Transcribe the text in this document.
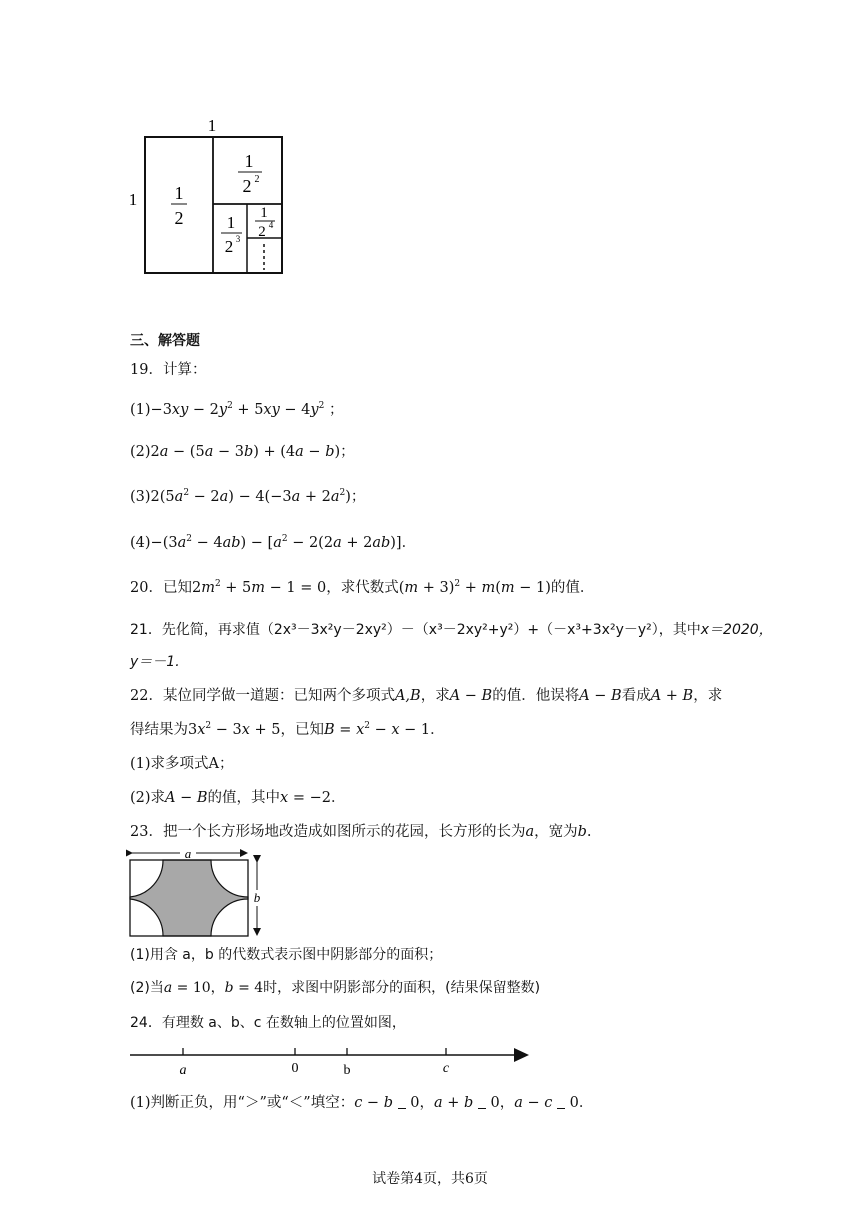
1
1 1
2
1
2 2
1
2 3
1
2 4
三、解答题
19．计算：
$(1)-3xy - 2y^2 + 5xy - 4y^2$ ；
(2)2a − (5a − 3b) + (4a − b)；
$(3)2(5a^2 - 2a) - 4(-3a + 2a^2)$；
$(4)-(3a^2 - 4ab) - [a^2 - 2(2a + 2ab)]$．
20．已知$2m^2 + 5m - 1 = 0$，求代数式$(m + 3)^2 + m(m - 1)$的值．
21．先化简，再求值（2x³－3x²y－2xy²）－（x³－2xy²+y²）+（－x³+3x²y－y²），其中x＝2020，
y＝－1.
22．某位同学做一道题：已知两个多项式A,B，求A − B的值．他误将A − B看成A + B，求
得结果为$3x^2 - 3x + 5$，已知$B = x^2 - x - 1$．
(1)求多项式A；
(2)求A − B的值，其中x = −2．
23．把一个长方形场地改造成如图所示的花园，长方形的长为a，宽为b.
a
b
(1)用含 a，b 的代数式表示图中阴影部分的面积；
(2)当a = 10，b = 4时，求图中阴影部分的面积，(结果保留整数)
24．有理数 a、b、c 在数轴上的位置如图，
a	0	b	c
(1)判断正负，用“＞”或“＜”填空：c − b  0，a + b  0，a − c  0．
试卷第4页，共6页
